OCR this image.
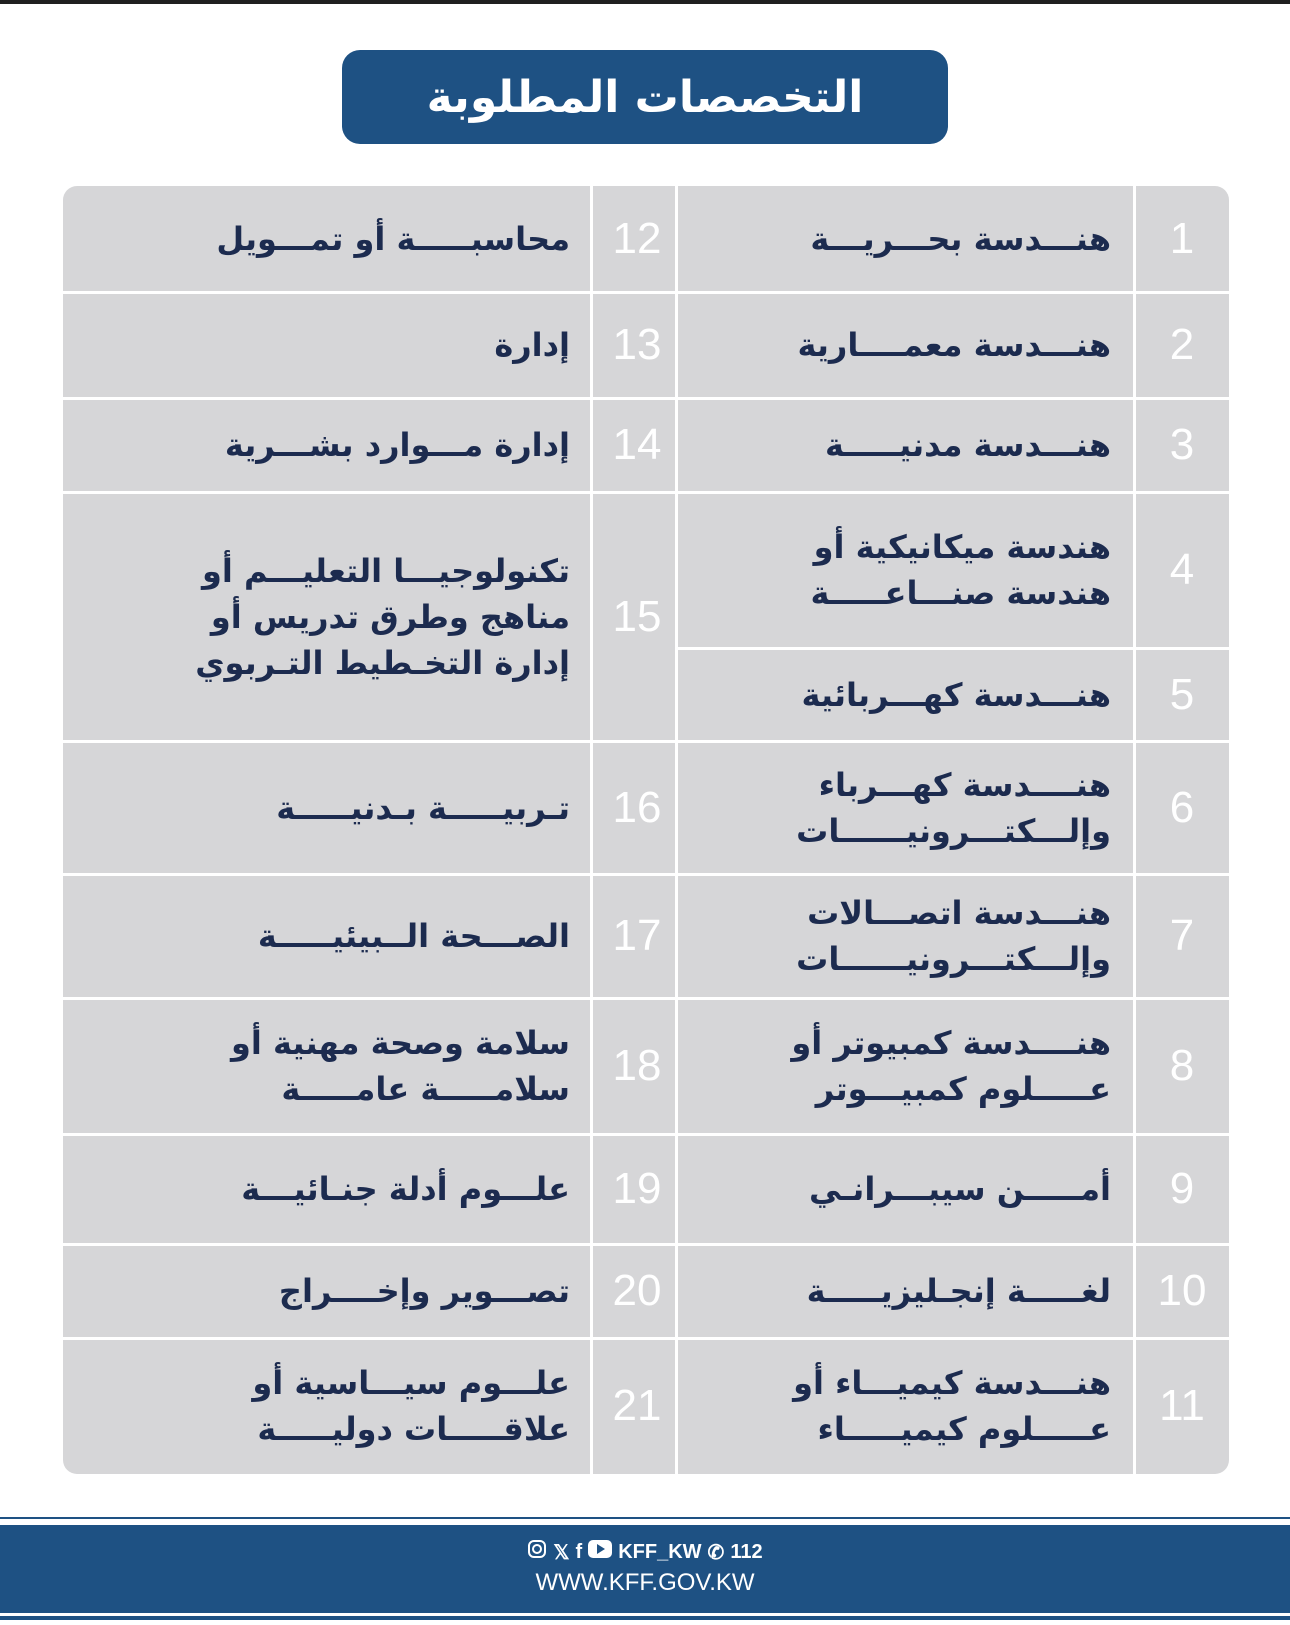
التخصصات المطلوبة
1
هنـــدسة بحـــريـــة
2
هنـــدسة معمــــارية
3
هنـــدسة مدنيـــــة
4
هندسة ميكانيكية أو
هندسة صنـــاعـــــة
5
هنـــدسة كهـــربائية
6
هنــــدسة كهـــرباء
وإلـــكتـــرونيــــــات
7
هنـــدسة اتصـــالات
وإلـــكتـــرونيــــــات
8
هنــــدسة كمبيوتر أو
عـــــلوم كمبيـــوتر
9
أمـــــن سيبـــرانـي
10
لغـــــة إنجـليزيـــــة
11
هنـــدسة كيميـــاء أو
عـــــلوم كيميـــــاء
12
محاسبـــــة أو تمـــويل
13
إدارة
14
إدارة مـــوارد بشـــرية
15
تكنولوجيـــا التعليـــم أو
مناهج وطرق تدريس أو
إدارة التخـطيط التـربوي
16
تـربيـــــة بـدنيـــــة
17
الصـــحة الــبيئيـــــة
18
سلامة وصحة مهنية أو
سلامـــــة عامـــــة
19
علـــوم أدلة جنـائيـــة
20
تصـــوير وإخــــراج
21
علـــوم سيـــاسية أو
علاقـــــات دوليـــــة
𝕏 f KFF_KW ✆ 112
WWW.KFF.GOV.KW
